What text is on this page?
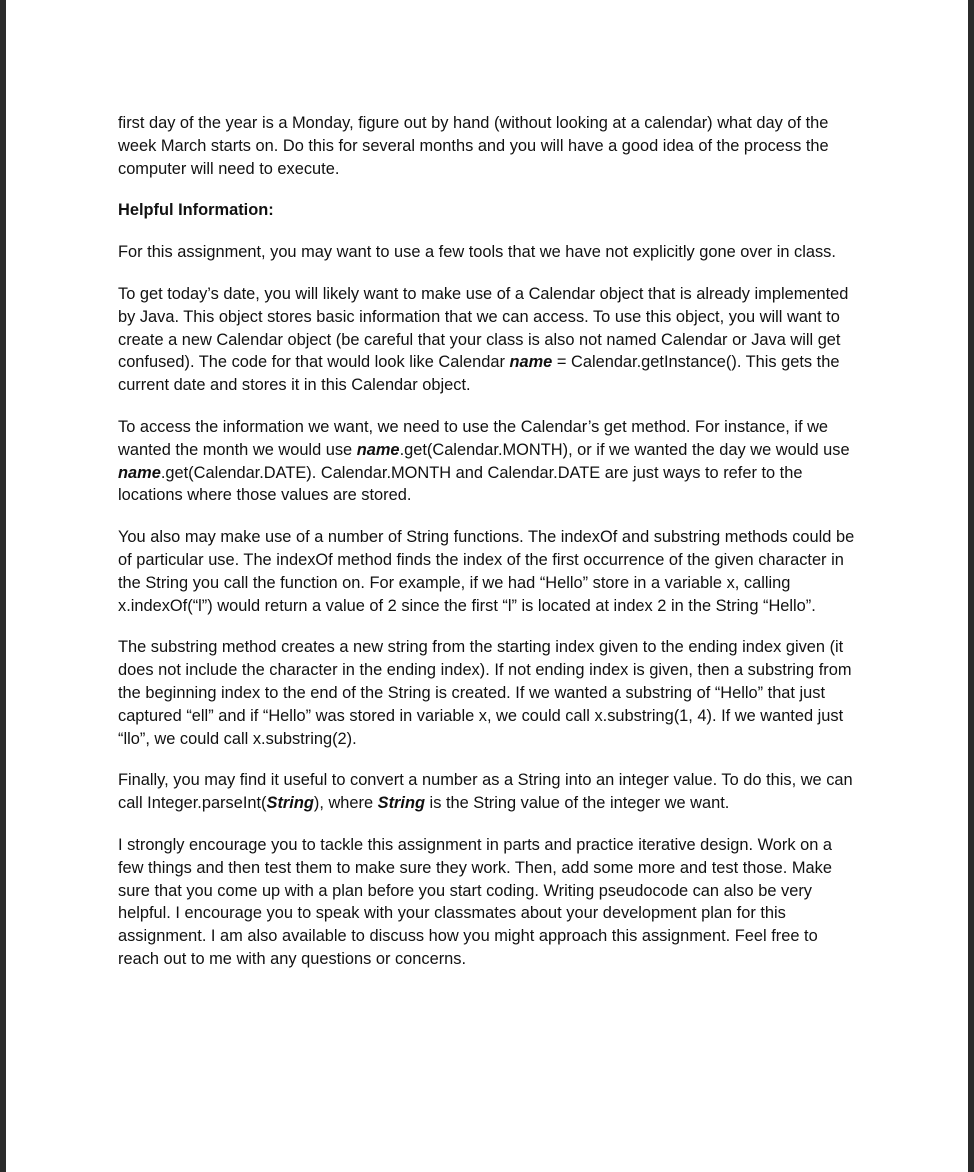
first day of the year is a Monday, figure out by hand (without looking at a calendar) what day of the week March starts on. Do this for several months and you will have a good idea of the process the computer will need to execute.

Helpful Information:

For this assignment, you may want to use a few tools that we have not explicitly gone over in class.

To get today’s date, you will likely want to make use of a Calendar object that is already implemented by Java. This object stores basic information that we can access. To use this object, you will want to create a new Calendar object (be careful that your class is also not named Calendar or Java will get confused). The code for that would look like Calendar name = Calendar.getInstance(). This gets the current date and stores it in this Calendar object.

To access the information we want, we need to use the Calendar’s get method. For instance, if we wanted the month we would use name.get(Calendar.MONTH), or if we wanted the day we would use name.get(Calendar.DATE). Calendar.MONTH and Calendar.DATE are just ways to refer to the locations where those values are stored.

You also may make use of a number of String functions. The indexOf and substring methods could be of particular use. The indexOf method finds the index of the first occurrence of the given character in the String you call the function on. For example, if we had “Hello” store in a variable x, calling x.indexOf(“l”) would return a value of 2 since the first “l” is located at index 2 in the String “Hello”.

The substring method creates a new string from the starting index given to the ending index given (it does not include the character in the ending index). If not ending index is given, then a substring from the beginning index to the end of the String is created. If we wanted a substring of “Hello” that just captured “ell” and if “Hello” was stored in variable x, we could call x.substring(1, 4). If we wanted just “llo”, we could call x.substring(2).

Finally, you may find it useful to convert a number as a String into an integer value. To do this, we can call Integer.parseInt(String), where String is the String value of the integer we want.

I strongly encourage you to tackle this assignment in parts and practice iterative design. Work on a few things and then test them to make sure they work. Then, add some more and test those. Make sure that you come up with a plan before you start coding. Writing pseudocode can also be very helpful. I encourage you to speak with your classmates about your development plan for this assignment. I am also available to discuss how you might approach this assignment. Feel free to reach out to me with any questions or concerns.
